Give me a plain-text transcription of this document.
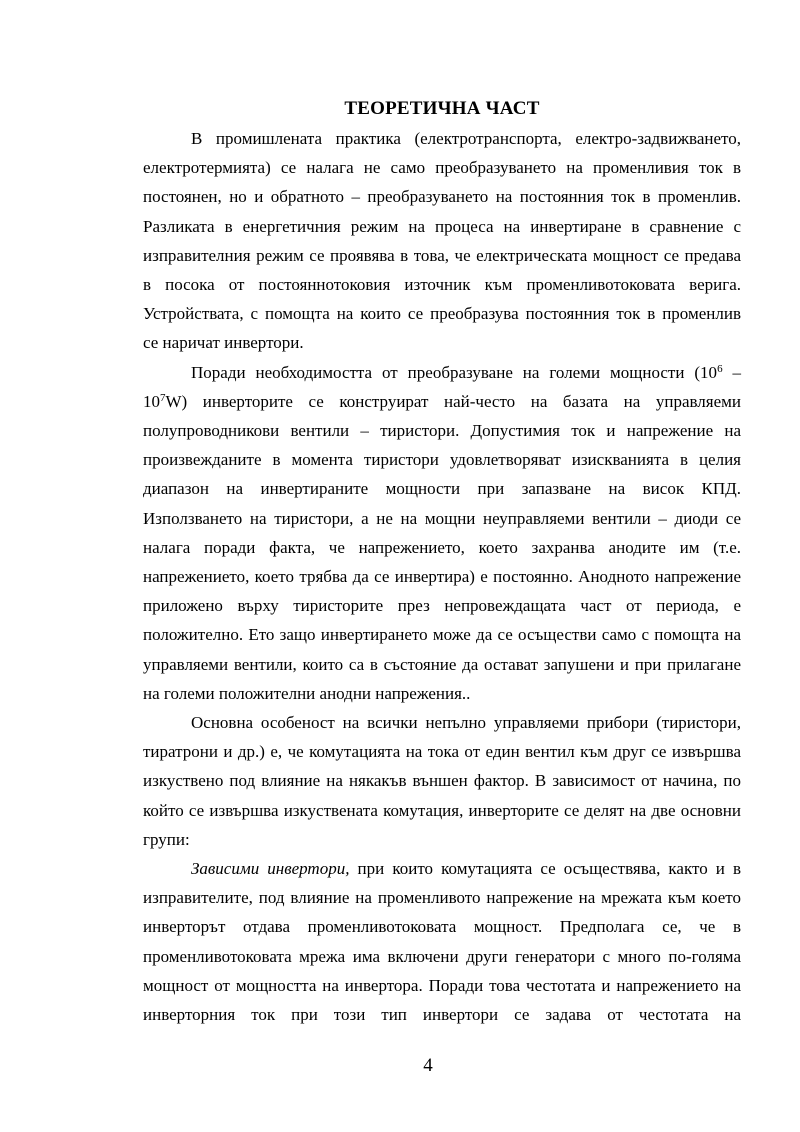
ТЕОРЕТИЧНА ЧАСТ
В промишлената практика (електротранспорта, електро-задвижването,
електротермията) се налага не само преобразуването на променливия ток в
постоянен, но и обратното – преобразуването на постоянния ток в променлив.
Разликата в енергетичния режим на процеса на инвертиране в сравнение с
изправителния режим се проявява в това, че електрическата мощност се предава
в посока от постояннотоковия източник към променливотоковата верига.
Устройствата, с помощта на които се преобразува постоянния ток в променлив
се наричат инвертори.
Поради необходимостта от преобразуване на големи мощности ($10^6$ –
$10^7W$) инверторите се конструират най-често на базата на управляеми
полупроводникови вентили – тиристори. Допустимия ток и напрежение на
произвежданите в момента тиристори удовлетворяват изискванията в целия
диапазон на инвертираните мощности при запазване на висок КПД.
Използването на тиристори, а не на мощни неуправляеми вентили – диоди се
налага поради факта, че напрежението, което захранва анодите им (т.е.
напрежението, което трябва да се инвертира) е постоянно. Анодното напрежение
приложено върху тиристорите през непровеждащата част от периода, е
положително. Ето защо инвертирането може да се осъществи само с помощта на
управляеми вентили, които са в състояние да остават запушени и при прилагане
на големи положителни анодни напрежения..
Основна особеност на всички непълно управляеми прибори (тиристори,
тиратрони и др.) е, че комутацията на тока от един вентил към друг се извършва
изкуствено под влияние на някакъв външен фактор. В зависимост от начина, по
който се извършва изкуствената комутация, инверторите се делят на две основни
групи:
Зависими инвертори, при които комутацията се осъществява, както и в
изправителите, под влияние на променливото напрежение на мрежата към което
инверторът отдава променливотоковата мощност. Предполага се, че в
променливотоковата мрежа има включени други генератори с много по-голяма
мощност от мощността на инвертора. Поради това честотата и напрежението на
инверторния ток при този тип инвертори се задава от честотата на
4
